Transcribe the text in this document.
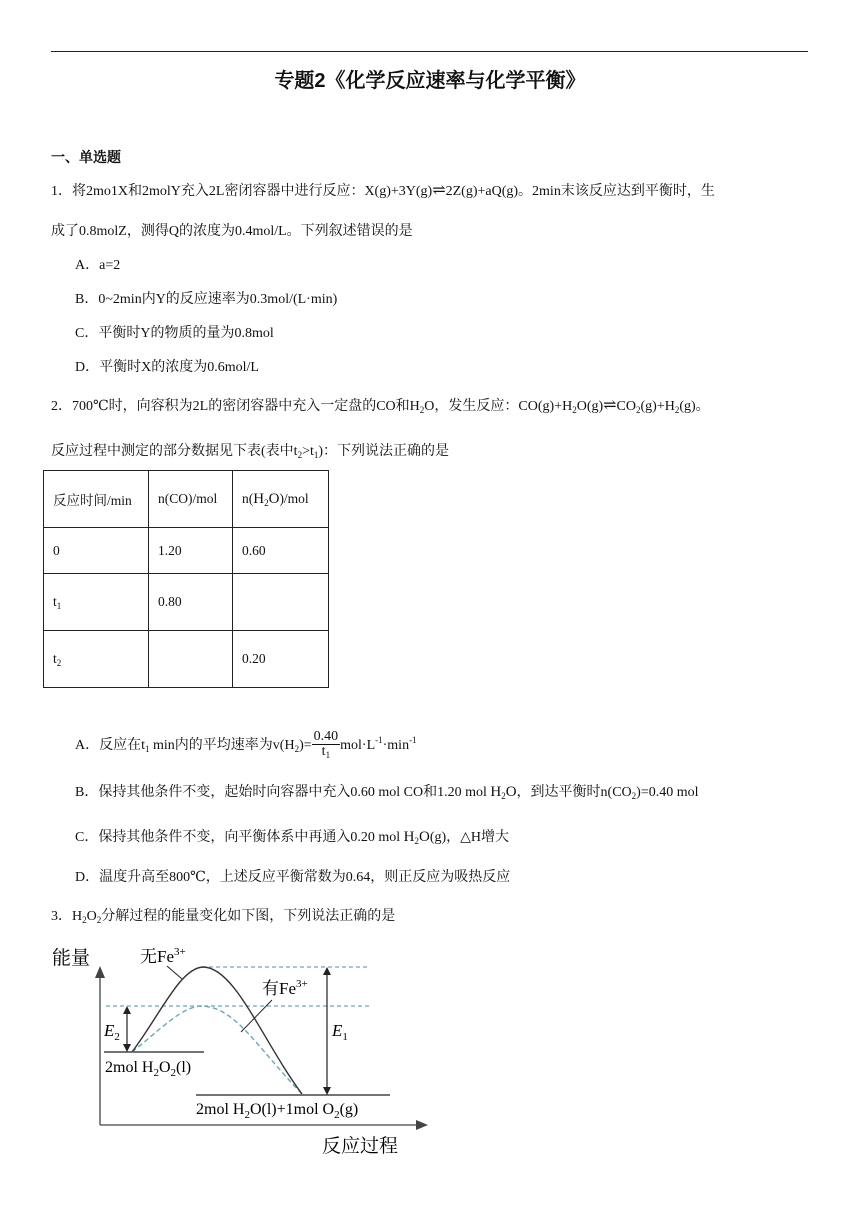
专题2《化学反应速率与化学平衡》
一、单选题
1．将2mo1X和2molY充入2L密闭容器中进行反应：X(g)+3Y(g)⇌2Z(g)+aQ(g)。2min末该反应达到平衡时，生
成了0.8molZ，测得Q的浓度为0.4mol/L。下列叙述错误的是
A．a=2
B．0~2min内Y的反应速率为0.3mol/(L·min)
C．平衡时Y的物质的量为0.8mol
D．平衡时X的浓度为0.6mol/L
2．700℃时，向容积为2L的密闭容器中充入一定盘的CO和$H_2O$，发生反应：$CO(g)+H_2O(g)\rightleftharpoons CO_2(g)+H_2(g)$。
反应过程中测定的部分数据见下表(表中$t_2>t_1$)：下列说法正确的是
反应时间/min	n(CO)/mol	$n(H_2O)$/mol
0	1.20	0.60
$t_1$	0.80	
$t_2$		0.20
A．反应在$t_1$ min内的平均速率为$v(H_2)= \frac{0.40}{t_1} mol\cdot L^{-1}\cdot\min^{-1}$
B．保持其他条件不变，起始时向容器中充入0.60 mol CO和1.20 mol $H_2O$，到达平衡时$n(CO_2)=0.40$ mol
C．保持其他条件不变，向平衡体系中再通入0.20 mol $H_2O(g)$，△H增大
D．温度升高至800℃，上述反应平衡常数为0.64，则正反应为吸热反应
3．$H_2O_2$分解过程的能量变化如下图，下列说法正确的是
能量
反应过程
$E_2$	$E_1$
无$Fe^{3+}$
有$Fe^{3+}$
2mol $H_2O_2(l)$
2mol $H_2O(l)+1mol$ $O_2(g)$
